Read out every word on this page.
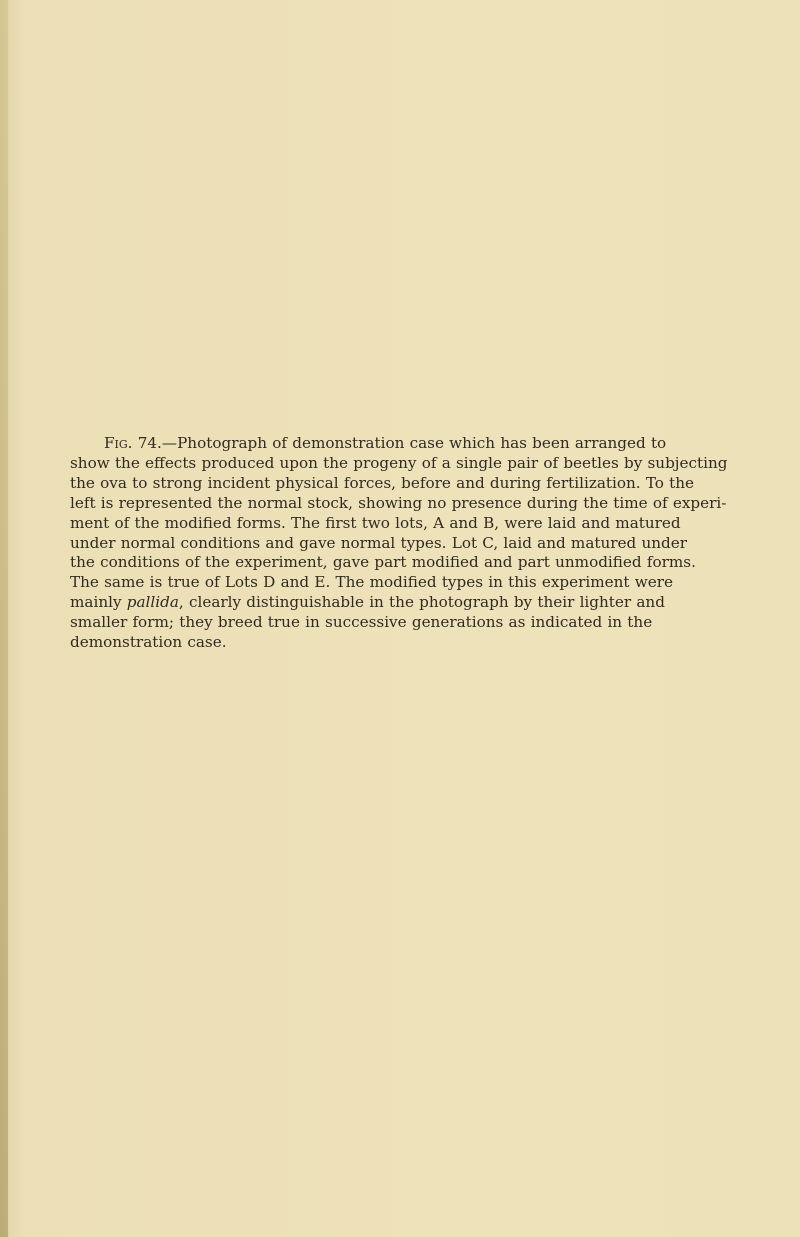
Fig. 74.—Photograph of demonstration case which has been arranged to
show the effects produced upon the progeny of a single pair of beetles by subjecting
the ova to strong incident physical forces, before and during fertilization. To the
left is represented the normal stock, showing no presence during the time of experi-
ment of the modified forms. The first two lots, A and B, were laid and matured
under normal conditions and gave normal types. Lot C, laid and matured under
the conditions of the experiment, gave part modified and part unmodified forms.
The same is true of Lots D and E. The modified types in this experiment were
mainly pallida, clearly distinguishable in the photograph by their lighter and
smaller form; they breed true in successive generations as indicated in the
demonstration case.
